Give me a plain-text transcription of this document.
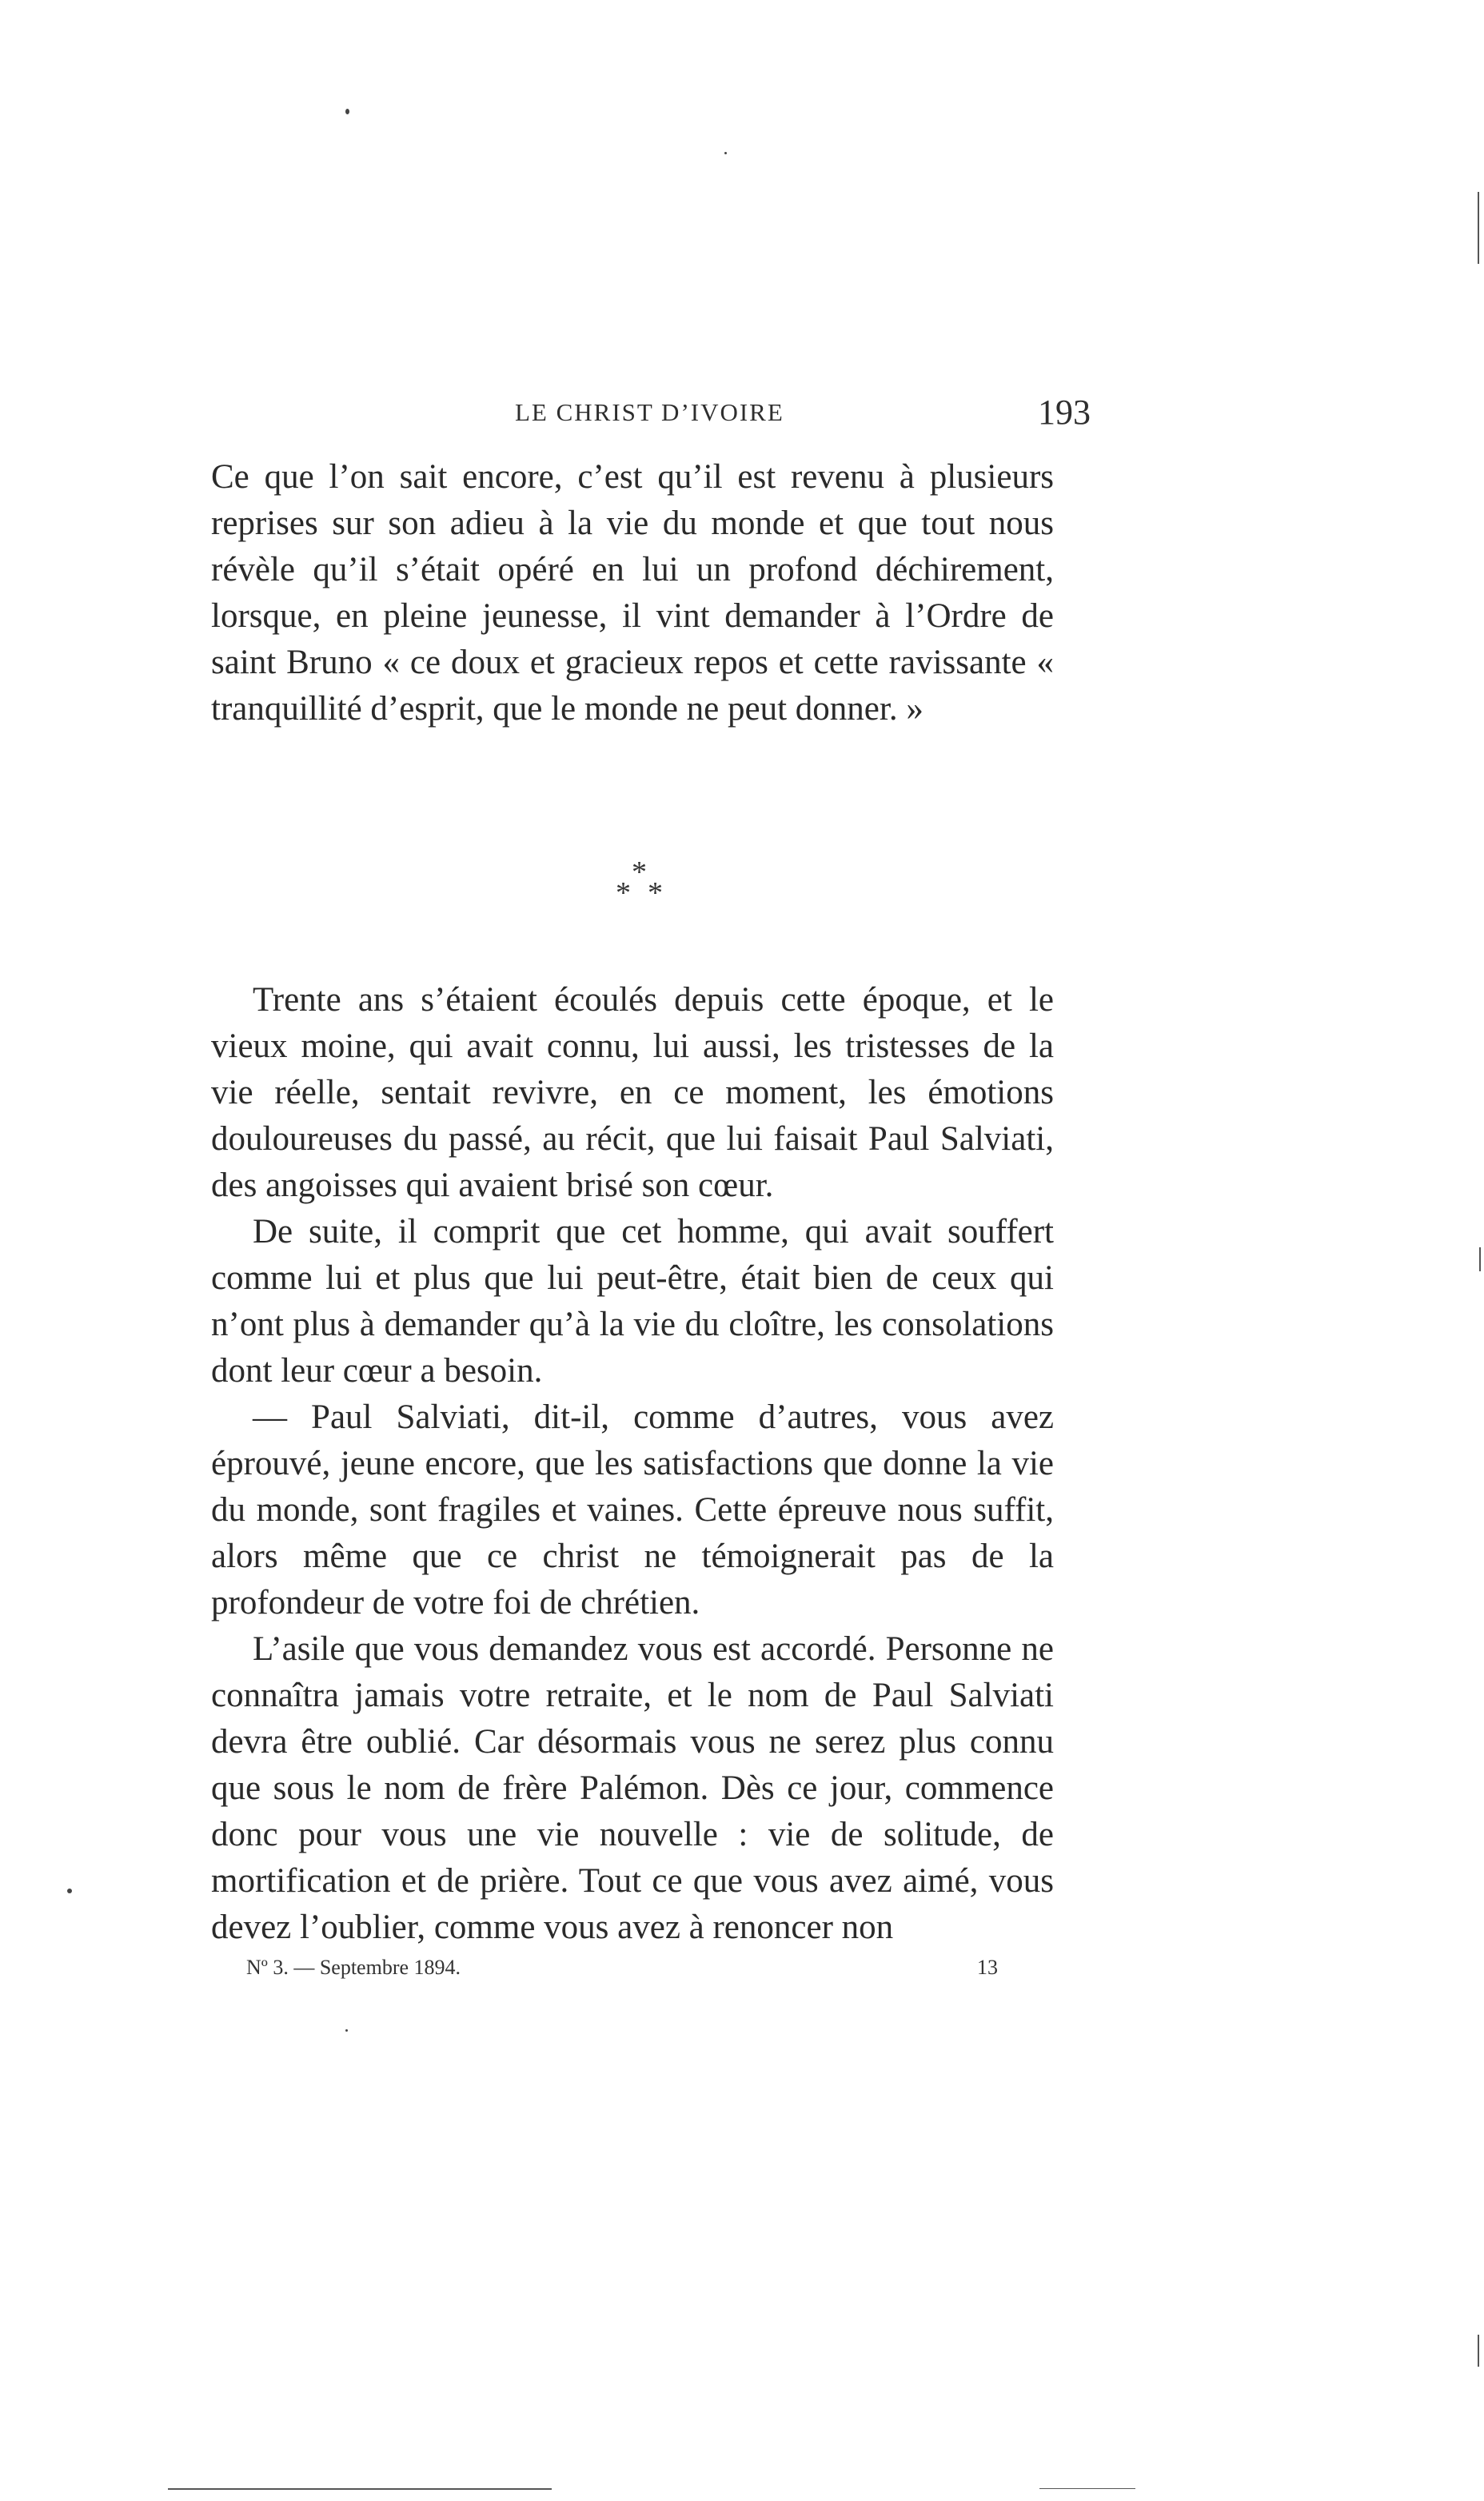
LE CHRIST D’IVOIRE	193

Ce que l’on sait encore, c’est qu’il est revenu à plusieurs reprises sur son adieu à la vie du monde et que tout nous révèle qu’il s’était opéré en lui un profond déchirement, lorsque, en pleine jeunesse, il vint demander à l’Ordre de saint Bruno « ce doux et gracieux repos et cette ravissante « tranquillité d’esprit, que le monde ne peut donner. »

*
* *

Trente ans s’étaient écoulés depuis cette époque, et le vieux moine, qui avait connu, lui aussi, les tristesses de la vie réelle, sentait revivre, en ce moment, les émotions douloureuses du passé, au récit, que lui faisait Paul Salviati, des angoisses qui avaient brisé son cœur.

De suite, il comprit que cet homme, qui avait souffert comme lui et plus que lui peut-être, était bien de ceux qui n’ont plus à demander qu’à la vie du cloître, les consolations dont leur cœur a besoin.

— Paul Salviati, dit-il, comme d’autres, vous avez éprouvé, jeune encore, que les satisfactions que donne la vie du monde, sont fragiles et vaines. Cette épreuve nous suffit, alors même que ce christ ne témoignerait pas de la profondeur de votre foi de chrétien.

L’asile que vous demandez vous est accordé. Personne ne connaîtra jamais votre retraite, et le nom de Paul Salviati devra être oublié. Car désormais vous ne serez plus connu que sous le nom de frère Palémon. Dès ce jour, commence donc pour vous une vie nouvelle : vie de solitude, de mortification et de prière. Tout ce que vous avez aimé, vous devez l’oublier, comme vous avez à renoncer non

Nº 3. — Septembre 1894.	13
